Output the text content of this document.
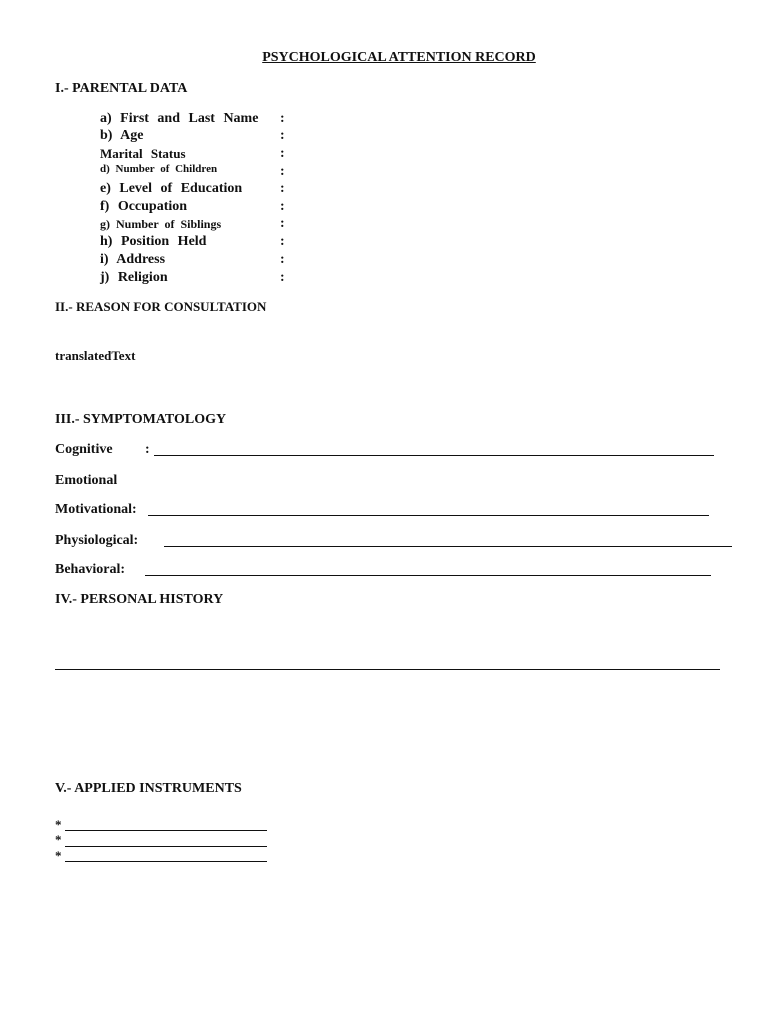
PSYCHOLOGICAL ATTENTION RECORD
I.- PARENTAL DATA
a) First and Last Name :
b) Age	:
Marital Status	:
d) Number of Children	:
e) Level of Education	:
f) Occupation	:
g) Number of Siblings	:
h) Position Held	:
i) Address	:
j) Religion	:
II.- REASON FOR CONSULTATION
translatedText
III.- SYMPTOMATOLOGY
Cognitive :
Emotional
Motivational:
Physiological:
Behavioral:
IV.- PERSONAL HISTORY
V.- APPLIED INSTRUMENTS
*
*
*
